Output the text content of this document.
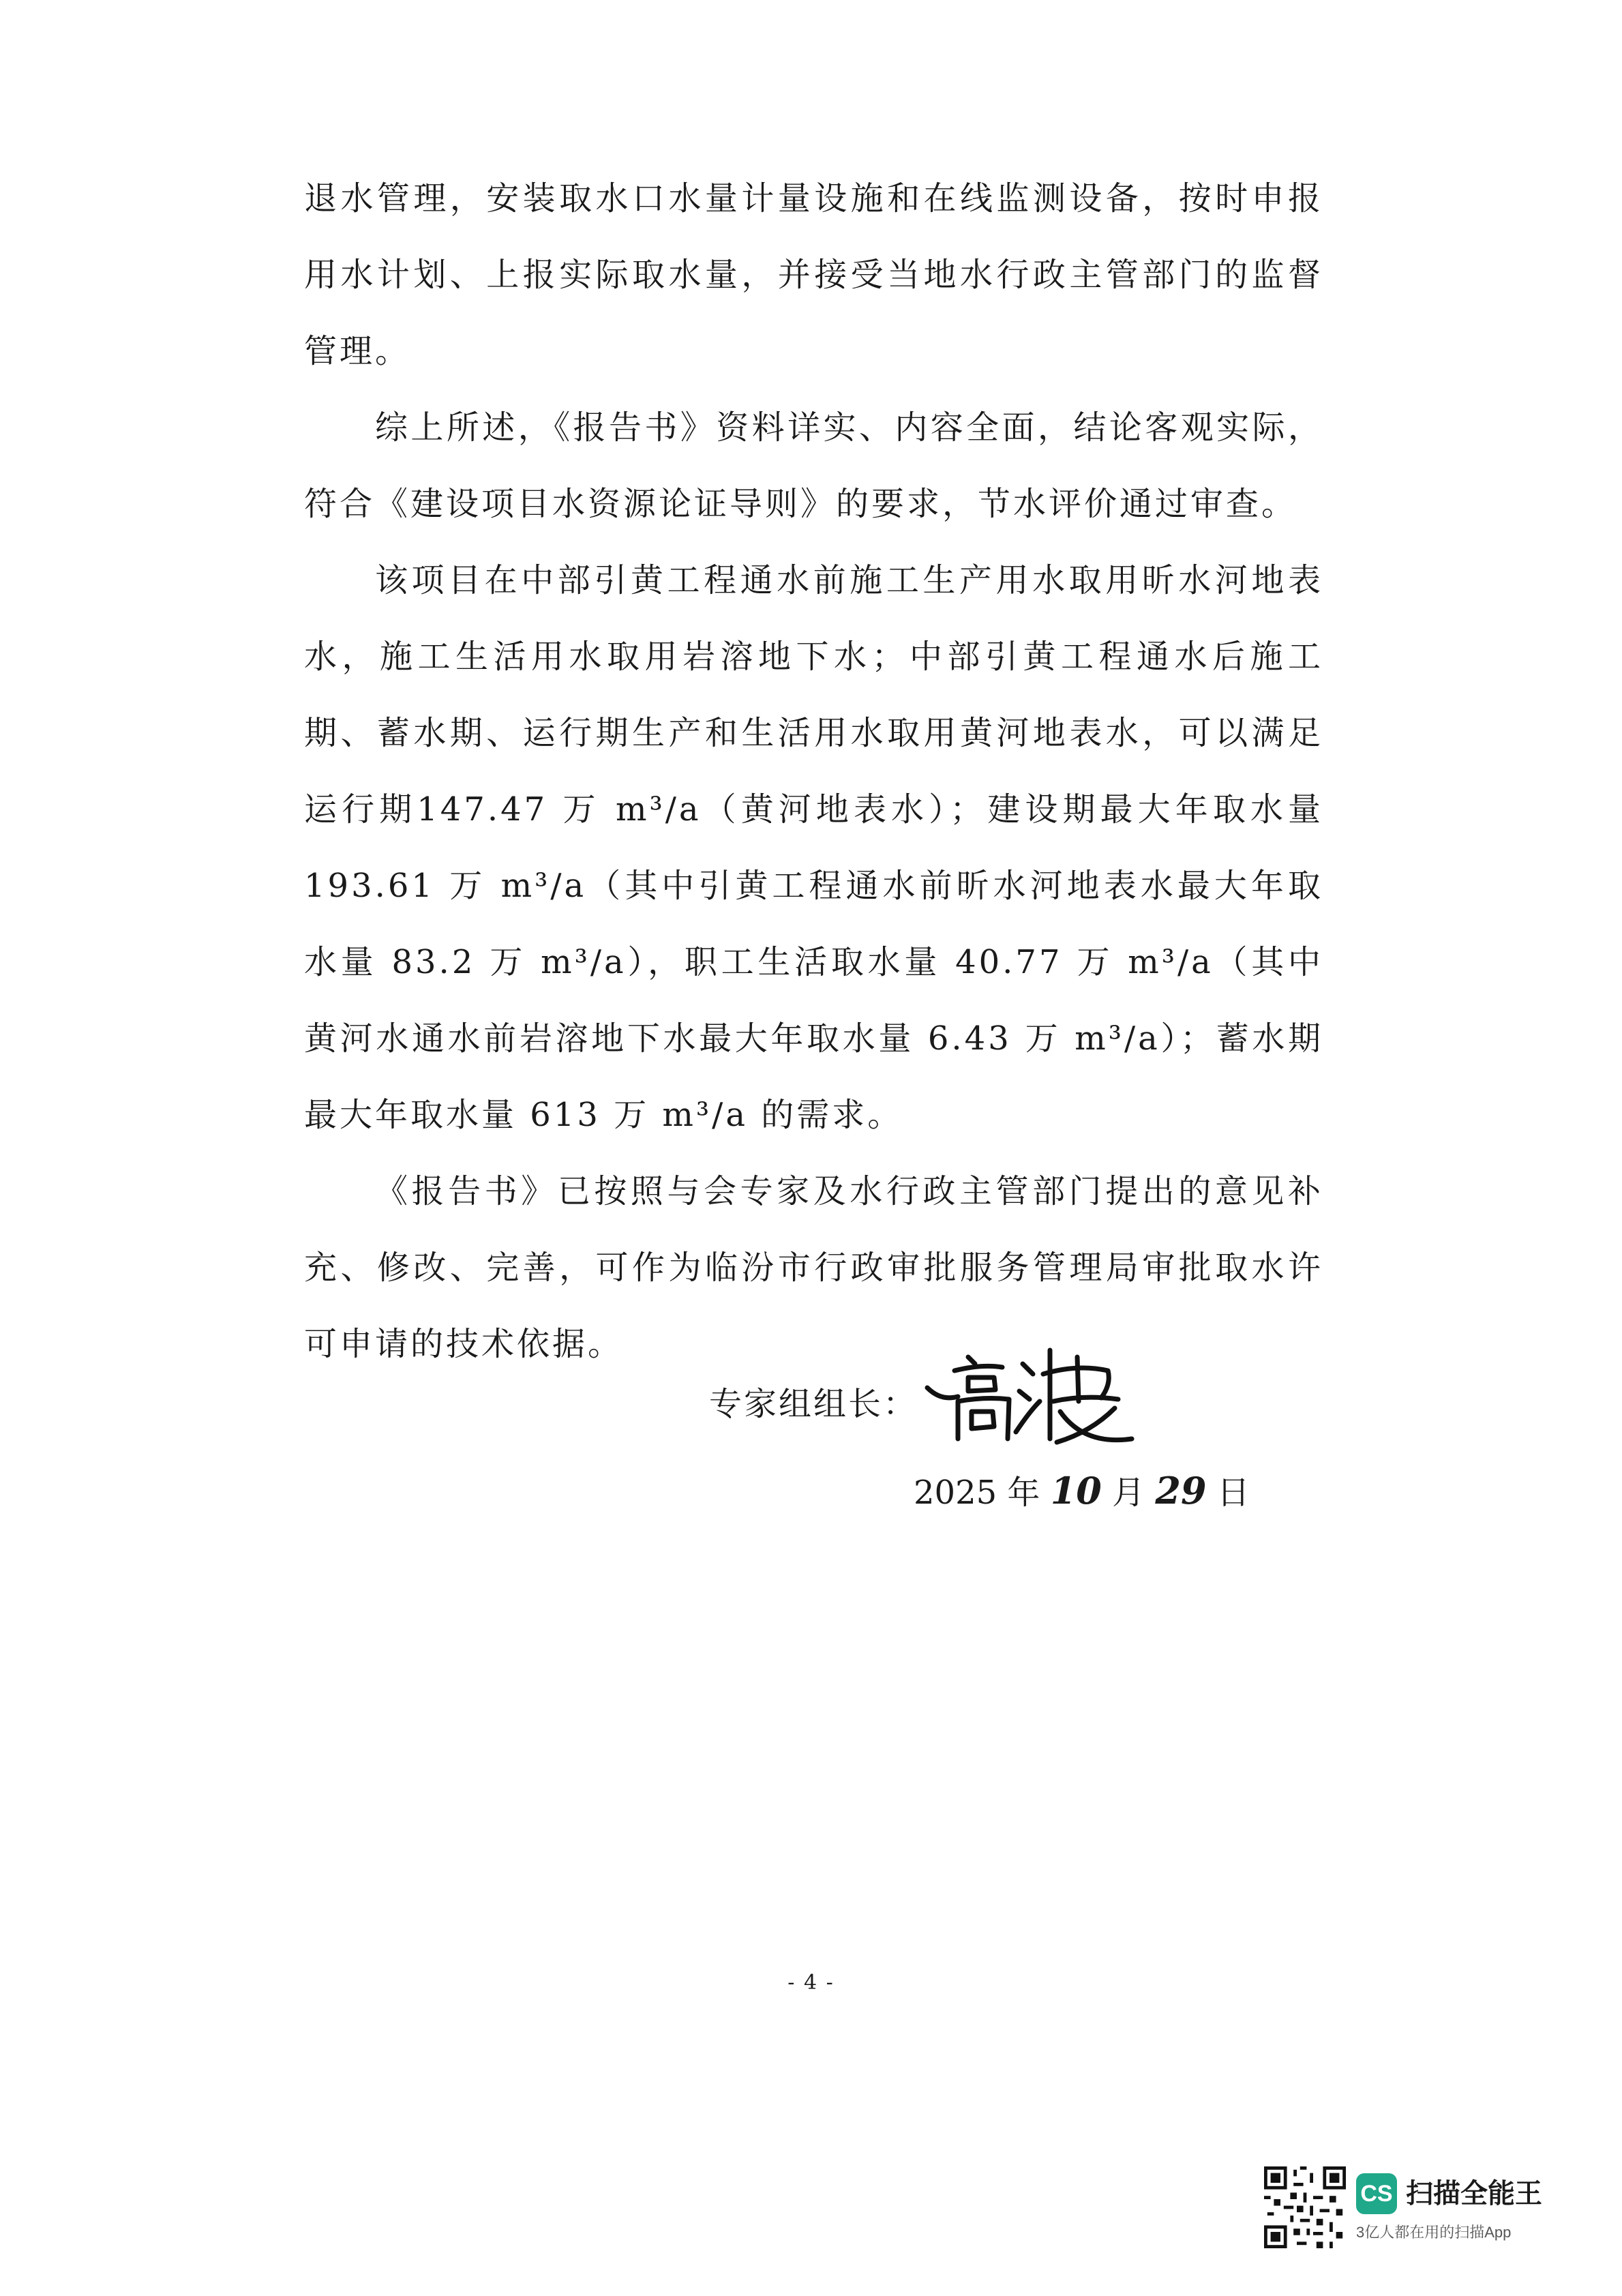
退水管理，安装取水口水量计量设施和在线监测设备，按时申报用水计划、上报实际取水量，并接受当地水行政主管部门的监督管理。

综上所述，《报告书》资料详实、内容全面，结论客观实际，符合《建设项目水资源论证导则》的要求，节水评价通过审查。

该项目在中部引黄工程通水前施工生产用水取用昕水河地表水，施工生活用水取用岩溶地下水；中部引黄工程通水后施工期、蓄水期、运行期生产和生活用水取用黄河地表水，可以满足运行期147.47 万 m³/a（黄河地表水）；建设期最大年取水量 193.61 万 m³/a（其中引黄工程通水前昕水河地表水最大年取水量 83.2 万 m³/a），职工生活取水量 40.77 万 m³/a（其中黄河水通水前岩溶地下水最大年取水量 6.43 万 m³/a）；蓄水期最大年取水量 613 万 m³/a 的需求。

《报告书》已按照与会专家及水行政主管部门提出的意见补充、修改、完善，可作为临汾市行政审批服务管理局审批取水许可申请的技术依据。

专家组组长：
2025 年 10 月 29 日
- 4 -
CS 扫描全能王
3亿人都在用的扫描App
